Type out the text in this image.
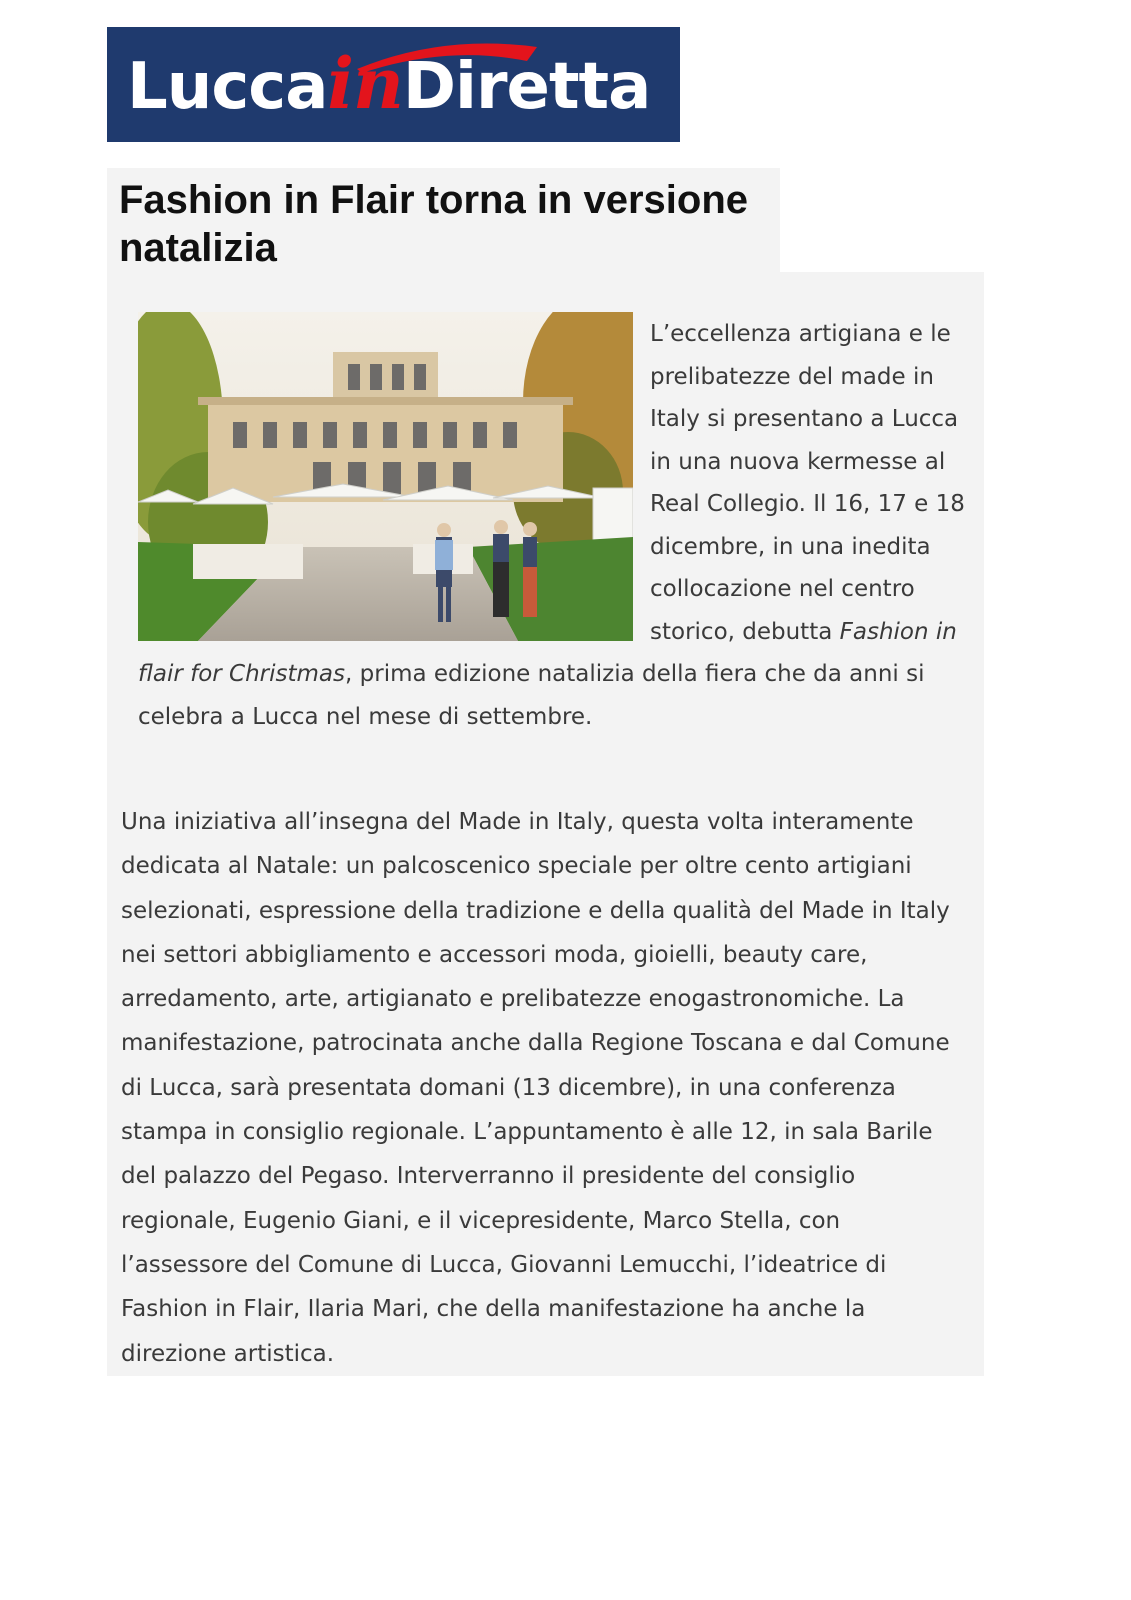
LuccainDiretta
Fashion in Flair torna in versione natalizia

L’eccellenza artigiana e le prelibatezze del made in Italy si presentano a Lucca in una nuova kermesse al Real Collegio. Il 16, 17 e 18 dicembre, in una inedita collocazione nel centro storico, debutta Fashion in flair for Christmas, prima edizione natalizia della fiera che da anni si celebra a Lucca nel mese di settembre.

Una iniziativa all’insegna del Made in Italy, questa volta interamente dedicata al Natale: un palcoscenico speciale per oltre cento artigiani selezionati, espressione della tradizione e della qualità del Made in Italy nei settori abbigliamento e accessori moda, gioielli, beauty care, arredamento, arte, artigianato e prelibatezze enogastronomiche. La manifestazione, patrocinata anche dalla Regione Toscana e dal Comune di Lucca, sarà presentata domani (13 dicembre), in una conferenza stampa in consiglio regionale. L’appuntamento è alle 12, in sala Barile del palazzo del Pegaso. Interverranno il presidente del consiglio regionale, Eugenio Giani, e il vicepresidente, Marco Stella, con l’assessore del Comune di Lucca, Giovanni Lemucchi, l’ideatrice di Fashion in Flair, Ilaria Mari, che della manifestazione ha anche la direzione artistica.
